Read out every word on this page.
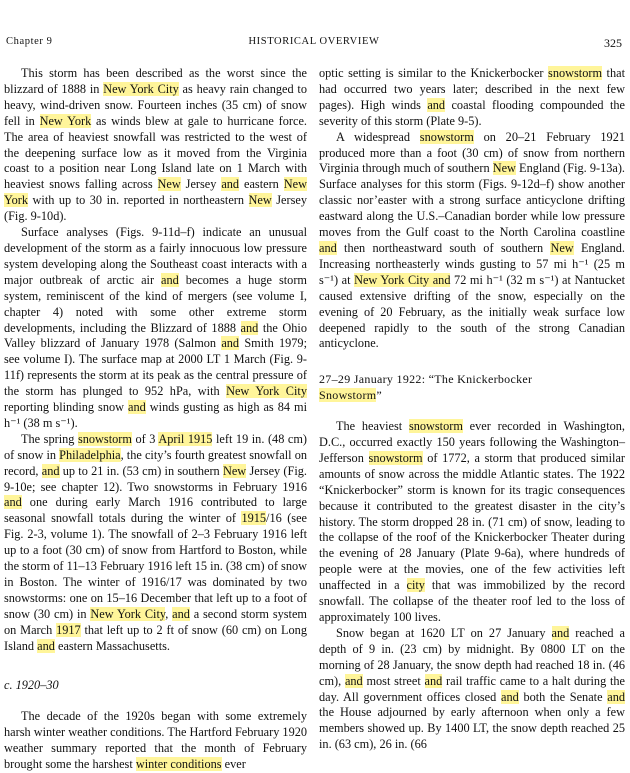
Chapter 9	HISTORICAL OVERVIEW	325

This storm has been described as the worst since the blizzard of 1888 in New York City as heavy rain changed to heavy, wind-driven snow. Fourteen inches (35 cm) of snow fell in New York as winds blew at gale to hurricane force. The area of heaviest snowfall was restricted to the west of the deepening surface low as it moved from the Virginia coast to a position near Long Island late on 1 March with heaviest snows falling across New Jersey and eastern New York with up to 30 in. reported in northeastern New Jersey (Fig. 9-10d).

Surface analyses (Figs. 9-11d–f) indicate an unusual development of the storm as a fairly innocuous low pressure system developing along the Southeast coast interacts with a major outbreak of arctic air and becomes a huge storm system, reminiscent of the kind of mergers (see volume I, chapter 4) noted with some other extreme storm developments, including the Blizzard of 1888 and the Ohio Valley blizzard of January 1978 (Salmon and Smith 1979; see volume I). The surface map at 2000 LT 1 March (Fig. 9-11f) represents the storm at its peak as the central pressure of the storm has plunged to 952 hPa, with New York City reporting blinding snow and winds gusting as high as 84 mi h⁻¹ (38 m s⁻¹).

The spring snowstorm of 3 April 1915 left 19 in. (48 cm) of snow in Philadelphia, the city’s fourth greatest snowfall on record, and up to 21 in. (53 cm) in southern New Jersey (Fig. 9-10e; see chapter 12). Two snowstorms in February 1916 and one during early March 1916 contributed to large seasonal snowfall totals during the winter of 1915/16 (see Fig. 2-3, volume 1). The snowfall of 2–3 February 1916 left up to a foot (30 cm) of snow from Hartford to Boston, while the storm of 11–13 February 1916 left 15 in. (38 cm) of snow in Boston. The winter of 1916/17 was dominated by two snowstorms: one on 15–16 December that left up to a foot of snow (30 cm) in New York City, and a second storm system on March 1917 that left up to 2 ft of snow (60 cm) on Long Island and eastern Massachusetts.

c. 1920–30

The decade of the 1920s began with some extremely harsh winter weather conditions. The Hartford February 1920 weather summary reported that the month of February brought some the harshest winter conditions ever

optic setting is similar to the Knickerbocker snowstorm that had occurred two years later; described in the next few pages). High winds and coastal flooding compounded the severity of this storm (Plate 9-5).

A widespread snowstorm on 20–21 February 1921 produced more than a foot (30 cm) of snow from northern Virginia through much of southern New England (Fig. 9-13a). Surface analyses for this storm (Figs. 9-12d–f) show another classic nor’easter with a strong surface anticyclone drifting eastward along the U.S.–Canadian border while low pressure moves from the Gulf coast to the North Carolina coastline and then northeastward south of southern New England. Increasing northeasterly winds gusting to 57 mi h⁻¹ (25 m s⁻¹) at New York City and 72 mi h⁻¹ (32 m s⁻¹) at Nantucket caused extensive drifting of the snow, especially on the evening of 20 February, as the initially weak surface low deepened rapidly to the south of the strong Canadian anticyclone.

27–29 January 1922: “The Knickerbocker
Snowstorm”

The heaviest snowstorm ever recorded in Washington, D.C., occurred exactly 150 years following the Washington–Jefferson snowstorm of 1772, a storm that produced similar amounts of snow across the middle Atlantic states. The 1922 “Knickerbocker” storm is known for its tragic consequences because it contributed to the greatest disaster in the city’s history. The storm dropped 28 in. (71 cm) of snow, leading to the collapse of the roof of the Knickerbocker Theater during the evening of 28 January (Plate 9-6a), where hundreds of people were at the movies, one of the few activities left unaffected in a city that was immobilized by the record snowfall. The collapse of the theater roof led to the loss of approximately 100 lives.

Snow began at 1620 LT on 27 January and reached a depth of 9 in. (23 cm) by midnight. By 0800 LT on the morning of 28 January, the snow depth had reached 18 in. (46 cm), and most street and rail traffic came to a halt during the day. All government offices closed and both the Senate and the House adjourned by early afternoon when only a few members showed up. By 1400 LT, the snow depth reached 25 in. (63 cm), 26 in. (66
